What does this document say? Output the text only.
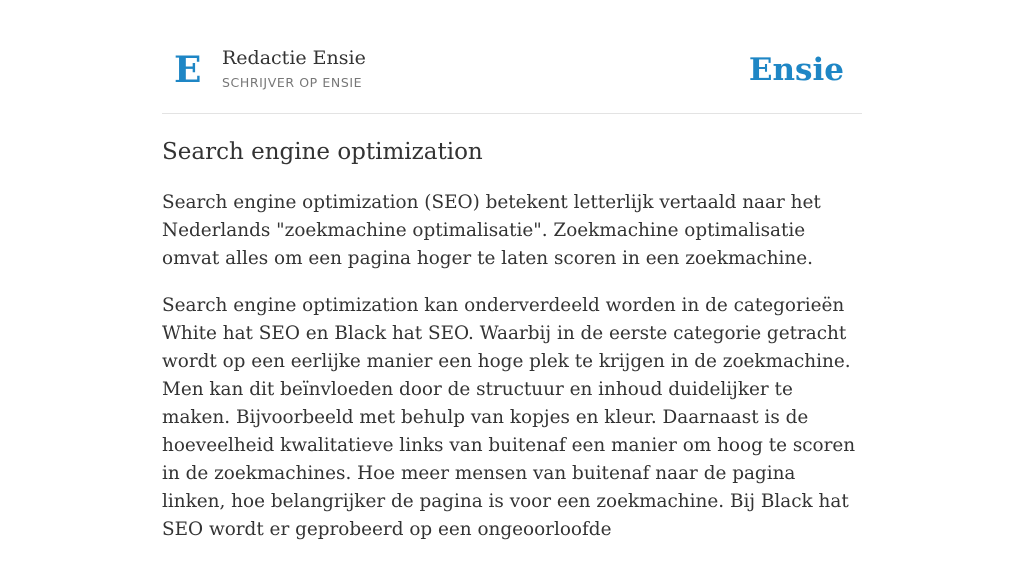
E Redactie Ensie
SCHRIJVER OP ENSIE	Ensie
Search engine optimization

Search engine optimization (SEO) betekent letterlijk vertaald naar het Nederlands "zoekmachine optimalisatie". Zoekmachine optimalisatie omvat alles om een pagina hoger te laten scoren in een zoekmachine.

Search engine optimization kan onderverdeeld worden in de categorieën White hat SEO en Black hat SEO. Waarbij in de eerste categorie getracht wordt op een eerlijke manier een hoge plek te krijgen in de zoekmachine. Men kan dit beïnvloeden door de structuur en inhoud duidelijker te maken. Bijvoorbeeld met behulp van kopjes en kleur. Daarnaast is de hoeveelheid kwalitatieve links van buitenaf een manier om hoog te scoren in de zoekmachines. Hoe meer mensen van buitenaf naar de pagina linken, hoe belangrijker de pagina is voor een zoekmachine. Bij Black hat SEO wordt er geprobeerd op een ongeoorloofde
